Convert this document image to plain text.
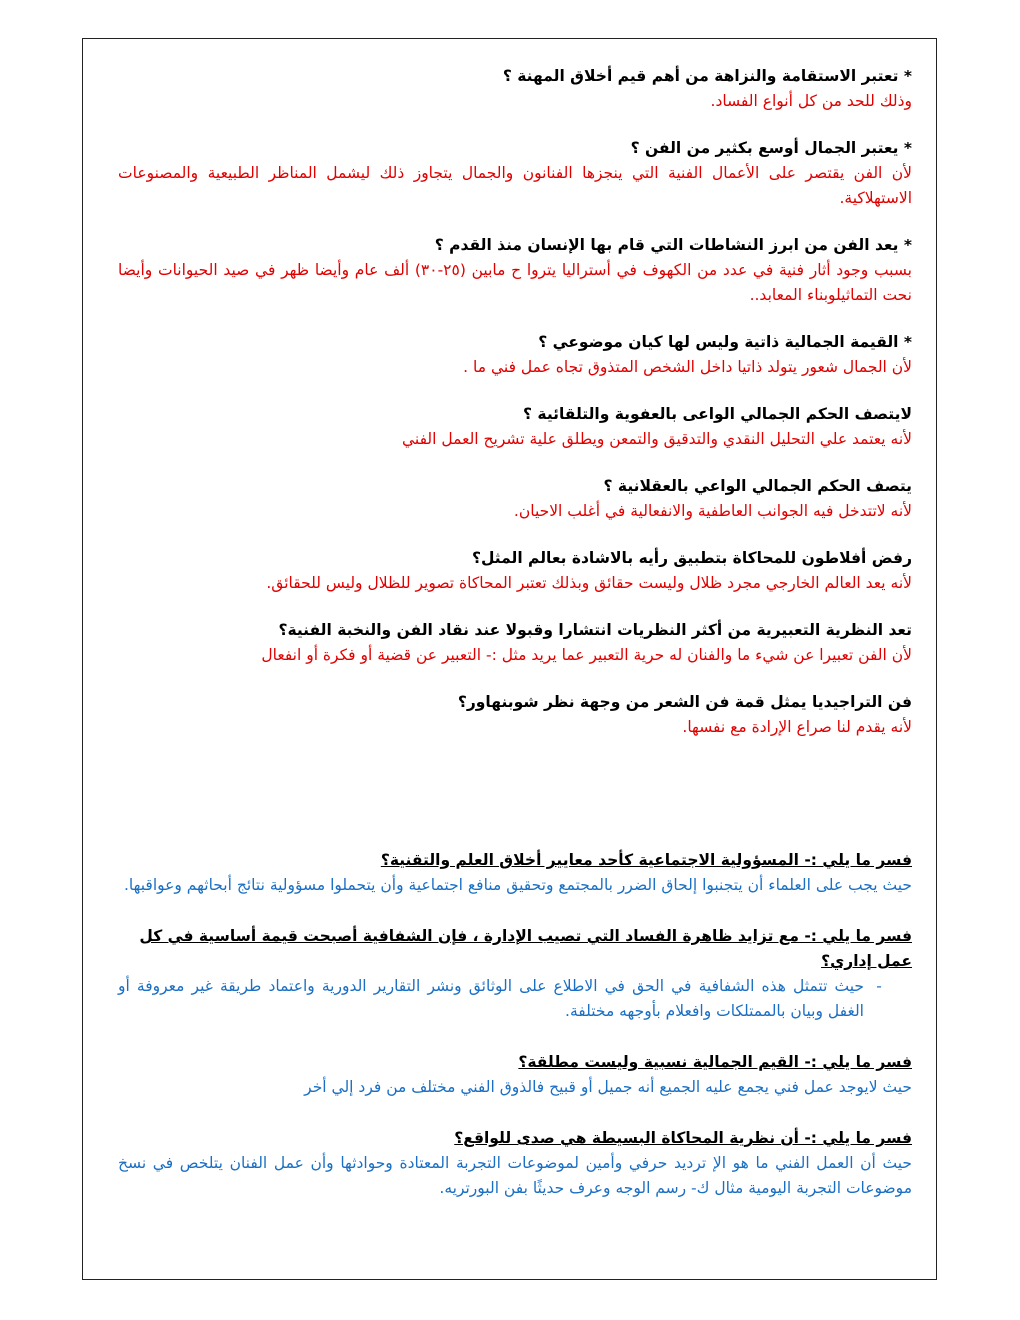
* تعتبر الاستقامة والنزاهة من أهم قيم أخلاق المهنة ؟

وذلك للحد من كل أنواع الفساد.

* يعتبر الجمال أوسع بكثير من الفن ؟

لأن الفن يقتصر على الأعمال الفنية التي ينجزها الفنانون والجمال يتجاوز ذلك ليشمل المناظر الطبيعية والمصنوعات الاستهلاكية.

* يعد الفن من ابرز النشاطات التي قام بها الإنسان منذ القدم ؟

بسبب وجود أثار فنية في عدد من الكهوف في أستراليا يتروا ح مابين (٢٥-٣٠) ألف عام وأيضا ظهر في صيد الحيوانات وأيضا نحت التماثيلوبناء المعابد..

* القيمة الجمالية ذاتية وليس لها كيان موضوعي ؟

لأن الجمال شعور يتولد ذاتيا داخل الشخص المتذوق تجاه عمل فني ما .

لايتصف الحكم الجمالي الواعى بالعفوية والتلقائية ؟

لأنه يعتمد علي التحليل النقدي والتدقيق والتمعن ويطلق علية تشريح العمل الفني

يتصف الحكم الجمالي الواعي بالعقلانية ؟

لأنه لاتتدخل فيه الجوانب العاطفية والانفعالية في أغلب الاحيان.

رفض أفلاطون للمحاكاة بتطبيق رأيه بالاشادة بعالم المثل؟

لأنه يعد العالم الخارجي مجرد ظلال وليست حقائق وبذلك تعتبر المحاكاة تصوير للظلال وليس للحقائق.

تعد النظرية التعبيرية من أكثر النظريات انتشارا وقبولا عند نقاد الفن والنخبة الفنية؟

لأن الفن تعبيرا عن شيء ما والفنان له حرية التعبير عما يريد مثل :- التعبير عن قضية أو فكرة أو انفعال

فن التراجيديا يمثل قمة فن الشعر من وجهة نظر شوبنهاور؟

لأنه يقدم لنا صراع الإرادة مع نفسها.

فسر ما يلي :- المسؤولية الاجتماعية كأحد معايير أخلاق العلم والتقنية؟

حيث يجب على العلماء أن يتجنبوا إلحاق الضرر بالمجتمع وتحقيق منافع اجتماعية وأن يتحملوا مسؤولية نتائج أبحاثهم وعواقبها.

فسر ما يلي :- مع تزايد ظاهرة الفساد التي تصيب الإدارة ، فإن الشفافية أصبحت قيمة أساسية في كل عمل إداري؟

-

حيث تتمثل هذه الشفافية في الحق في الاطلاع على الوثائق ونشر التقارير الدورية واعتماد طريقة غير معروفة أو الغفل وبيان بالممتلكات وافعلام بأوجهه مختلفة.

فسر ما يلي :- القيم الجمالية نسبية وليست مطلقة؟

حيث لايوجد عمل فني يجمع عليه الجميع أنه جميل أو قبيح فالذوق الفني مختلف من فرد إلي أخر

فسر ما يلي :- أن نظرية المحاكاة البسيطة هي صدى للواقع؟

حيث أن العمل الفني ما هو الإ ترديد حرفي وأمين لموضوعات التجربة المعتادة وحوادثها وأن عمل الفنان يتلخص في نسخ موضوعات التجربة اليومية مثال ك- رسم الوجه وعرف حديثًا بفن البورتريه.
